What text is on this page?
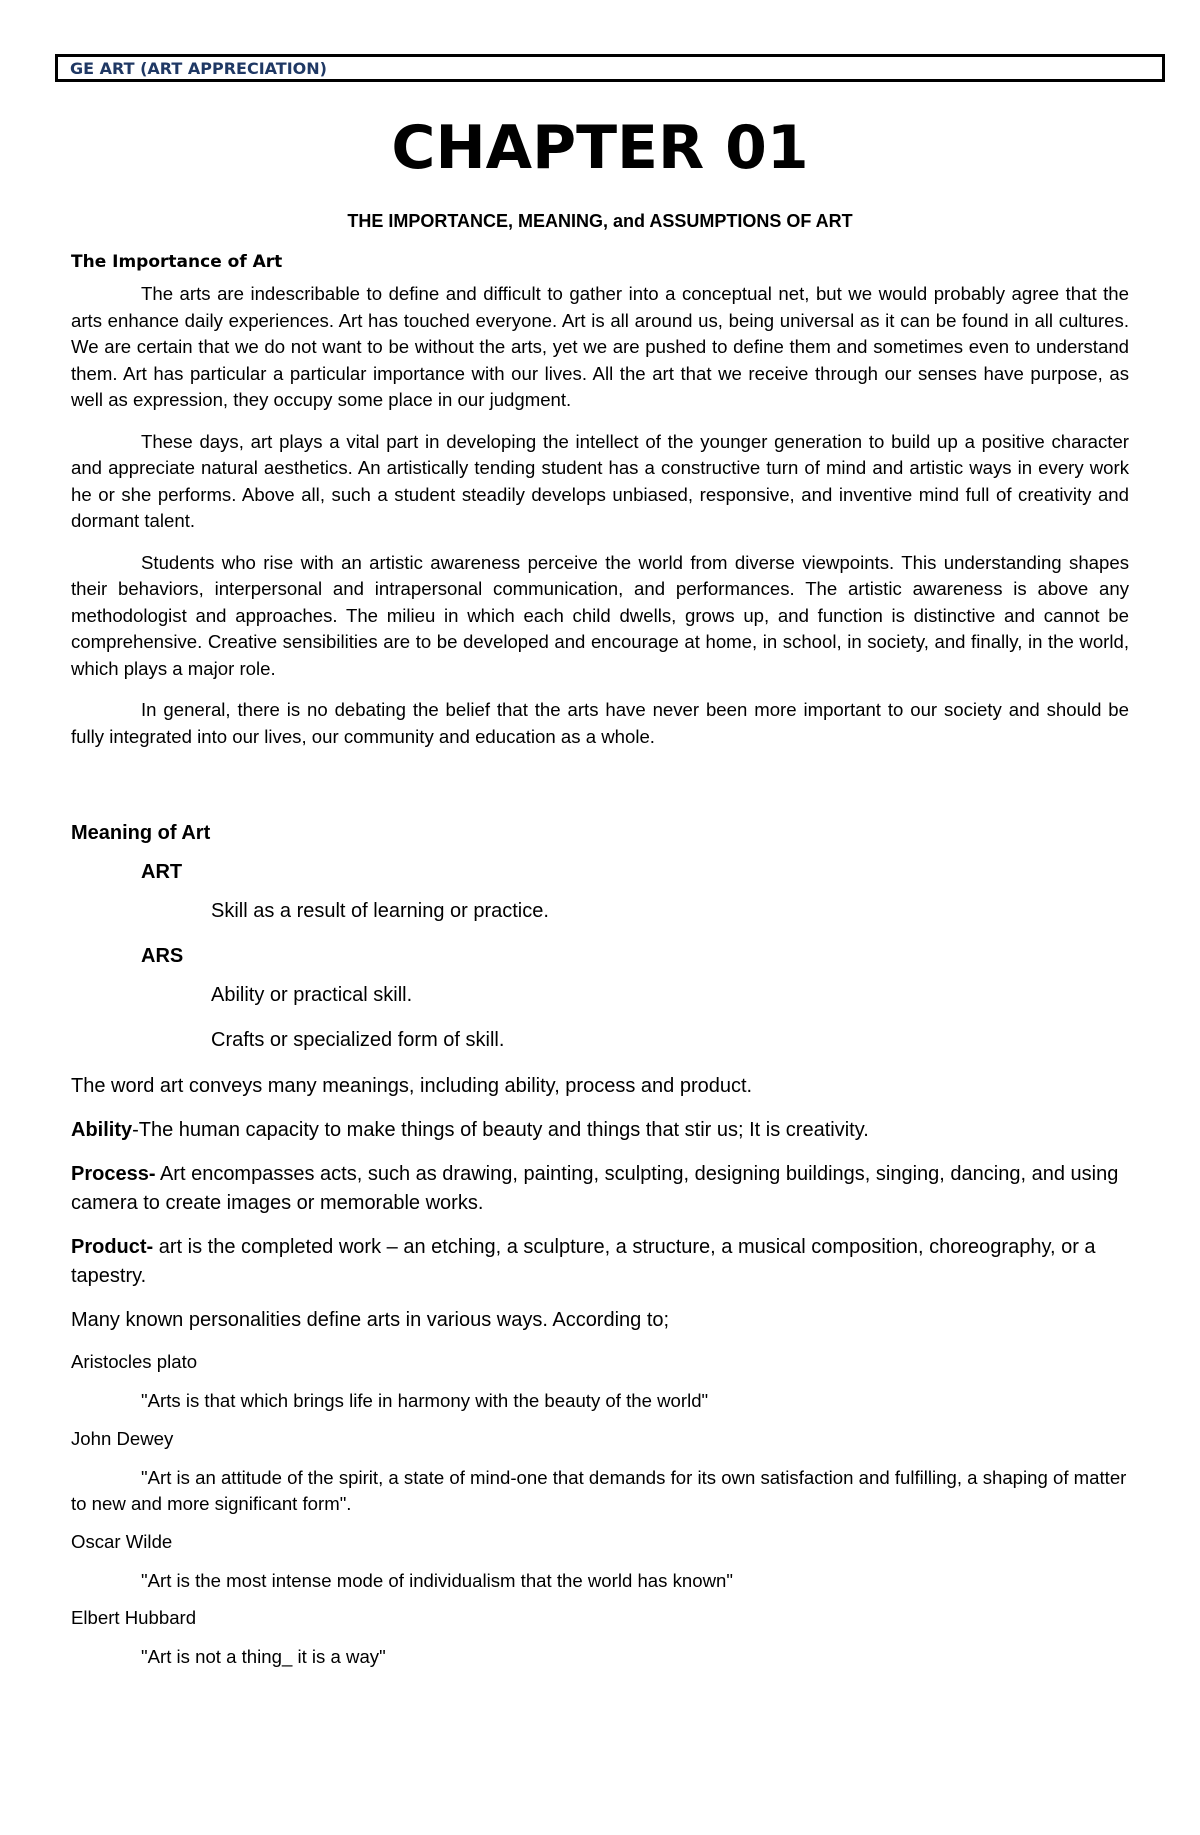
GE ART (ART APPRECIATION)
CHAPTER 01

THE IMPORTANCE, MEANING, and ASSUMPTIONS OF ART

The Importance of Art

The arts are indescribable to define and difficult to gather into a conceptual net, but we would probably agree that the arts enhance daily experiences. Art has touched everyone. Art is all around us, being universal as it can be found in all cultures. We are certain that we do not want to be without the arts, yet we are pushed to define them and sometimes even to understand them. Art has particular a particular importance with our lives. All the art that we receive through our senses have purpose, as well as expression, they occupy some place in our judgment.

These days, art plays a vital part in developing the intellect of the younger generation to build up a positive character and appreciate natural aesthetics. An artistically tending student has a constructive turn of mind and artistic ways in every work he or she performs. Above all, such a student steadily develops unbiased, responsive, and inventive mind full of creativity and dormant talent.

Students who rise with an artistic awareness perceive the world from diverse viewpoints. This understanding shapes their behaviors, interpersonal and intrapersonal communication, and performances. The artistic awareness is above any methodologist and approaches. The milieu in which each child dwells, grows up, and function is distinctive and cannot be comprehensive. Creative sensibilities are to be developed and encourage at home, in school, in society, and finally, in the world, which plays a major role.

In general, there is no debating the belief that the arts have never been more important to our society and should be fully integrated into our lives, our community and education as a whole.

Meaning of Art

ART

Skill as a result of learning or practice.

ARS

Ability or practical skill.

Crafts or specialized form of skill.

The word art conveys many meanings, including ability, process and product.

Ability-The human capacity to make things of beauty and things that stir us; It is creativity.

Process- Art encompasses acts, such as drawing, painting, sculpting, designing buildings, singing, dancing, and using camera to create images or memorable works.

Product- art is the completed work – an etching, a sculpture, a structure, a musical composition, choreography, or a tapestry.

Many known personalities define arts in various ways. According to;

Aristocles plato

"Arts is that which brings life in harmony with the beauty of the world"

John Dewey

"Art is an attitude of the spirit, a state of mind-one that demands for its own satisfaction and fulfilling, a shaping of matter to new and more significant form".

Oscar Wilde

"Art is the most intense mode of individualism that the world has known"

Elbert Hubbard

"Art is not a thing_ it is a way"
